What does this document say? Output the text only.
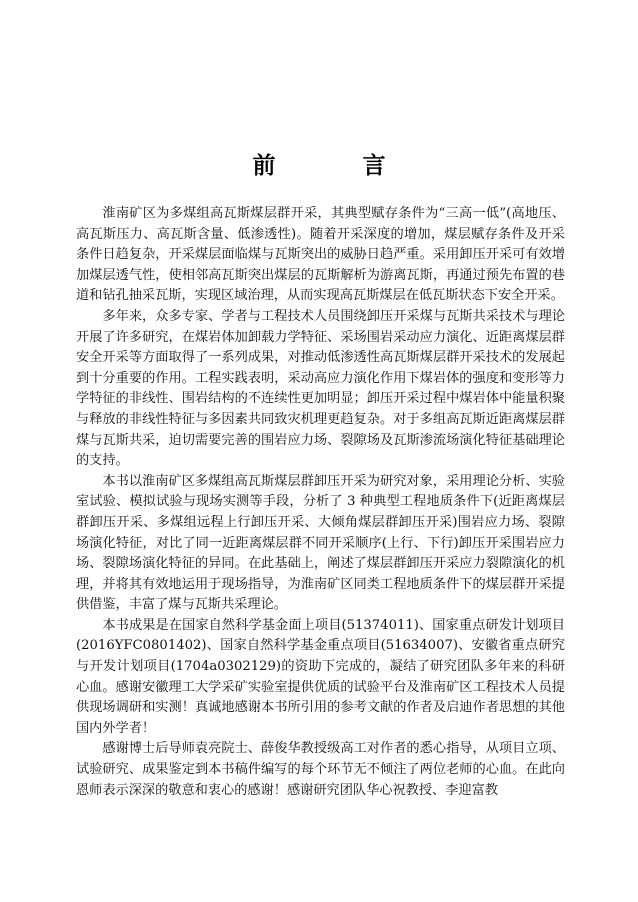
前　言

淮南矿区为多煤组高瓦斯煤层群开采，其典型赋存条件为“三高一低”(高地压、高瓦斯压力、高瓦斯含量、低渗透性)。随着开采深度的增加，煤层赋存条件及开采条件日趋复杂，开采煤层面临煤与瓦斯突出的威胁日趋严重。采用卸压开采可有效增加煤层透气性，使相邻高瓦斯突出煤层的瓦斯解析为游离瓦斯，再通过预先布置的巷道和钻孔抽采瓦斯，实现区域治理，从而实现高瓦斯煤层在低瓦斯状态下安全开采。

多年来，众多专家、学者与工程技术人员围绕卸压开采煤与瓦斯共采技术与理论开展了许多研究，在煤岩体加卸载力学特征、采场围岩采动应力演化、近距离煤层群安全开采等方面取得了一系列成果，对推动低渗透性高瓦斯煤层群开采技术的发展起到十分重要的作用。工程实践表明，采动高应力演化作用下煤岩体的强度和变形等力学特征的非线性、围岩结构的不连续性更加明显；卸压开采过程中煤岩体中能量积聚与释放的非线性特征与多因素共同致灾机理更趋复杂。对于多组高瓦斯近距离煤层群煤与瓦斯共采，迫切需要完善的围岩应力场、裂隙场及瓦斯渗流场演化特征基础理论的支持。

本书以淮南矿区多煤组高瓦斯煤层群卸压开采为研究对象，采用理论分析、实验室试验、模拟试验与现场实测等手段，分析了 3 种典型工程地质条件下(近距离煤层群卸压开采、多煤组远程上行卸压开采、大倾角煤层群卸压开采)围岩应力场、裂隙场演化特征，对比了同一近距离煤层群不同开采顺序(上行、下行)卸压开采围岩应力场、裂隙场演化特征的异同。在此基础上，阐述了煤层群卸压开采应力裂隙演化的机理，并将其有效地运用于现场指导，为淮南矿区同类工程地质条件下的煤层群开采提供借鉴，丰富了煤与瓦斯共采理论。

本书成果是在国家自然科学基金面上项目(51374011)、国家重点研发计划项目(2016YFC0801402)、国家自然科学基金重点项目(51634007)、安徽省重点研究与开发计划项目(1704a0302129)的资助下完成的，凝结了研究团队多年来的科研心血。感谢安徽理工大学采矿实验室提供优质的试验平台及淮南矿区工程技术人员提供现场调研和实测！真诚地感谢本书所引用的参考文献的作者及启迪作者思想的其他国内外学者！

感谢博士后导师袁亮院士、薛俊华教授级高工对作者的悉心指导，从项目立项、试验研究、成果鉴定到本书稿件编写的每个环节无不倾注了两位老师的心血。在此向恩师表示深深的敬意和衷心的感谢！感谢研究团队华心祝教授、李迎富教
